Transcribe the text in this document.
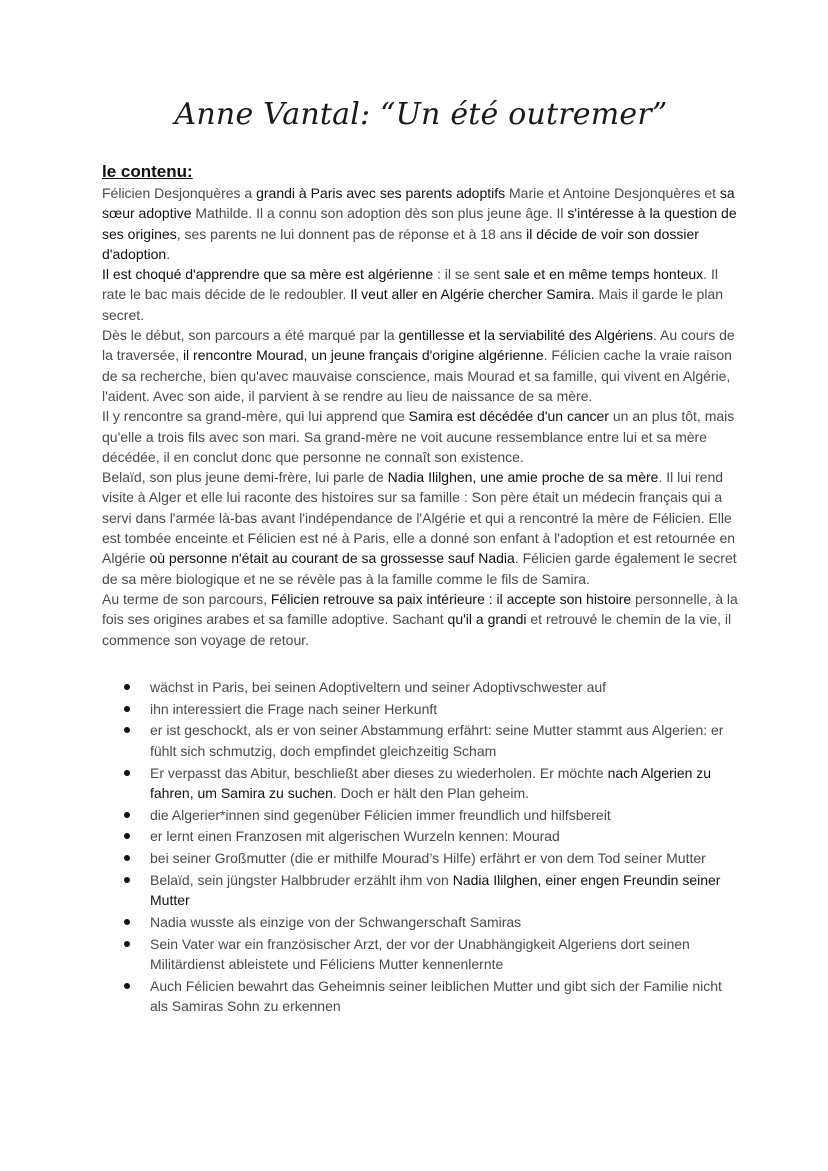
Anne Vantal: “Un été outremer”
le contenu:

Félicien Desjonquères a grandi à Paris avec ses parents adoptifs Marie et Antoine Desjonquères et sa sœur adoptive Mathilde. Il a connu son adoption dès son plus jeune âge. Il s'intéresse à la question de ses origines, ses parents ne lui donnent pas de réponse et à 18 ans il décide de voir son dossier d'adoption.

Il est choqué d'apprendre que sa mère est algérienne : il se sent sale et en même temps honteux. Il rate le bac mais décide de le redoubler. Il veut aller en Algérie chercher Samira. Mais il garde le plan secret.

Dès le début, son parcours a été marqué par la gentillesse et la serviabilité des Algériens. Au cours de la traversée, il rencontre Mourad, un jeune français d'origine algérienne. Félicien cache la vraie raison de sa recherche, bien qu'avec mauvaise conscience, mais Mourad et sa famille, qui vivent en Algérie, l'aident. Avec son aide, il parvient à se rendre au lieu de naissance de sa mère.

Il y rencontre sa grand-mère, qui lui apprend que Samira est décédée d'un cancer un an plus tôt, mais qu'elle a trois fils avec son mari. Sa grand-mère ne voit aucune ressemblance entre lui et sa mère décédée, il en conclut donc que personne ne connaît son existence.

Belaïd, son plus jeune demi-frère, lui parle de Nadia Ililghen, une amie proche de sa mère. Il lui rend visite à Alger et elle lui raconte des histoires sur sa famille : Son père était un médecin français qui a servi dans l'armée là-bas avant l'indépendance de l'Algérie et qui a rencontré la mère de Félicien. Elle est tombée enceinte et Félicien est né à Paris, elle a donné son enfant à l'adoption et est retournée en Algérie où personne n'était au courant de sa grossesse sauf Nadia. Félicien garde également le secret de sa mère biologique et ne se révèle pas à la famille comme le fils de Samira.

Au terme de son parcours, Félicien retrouve sa paix intérieure : il accepte son histoire personnelle, à la fois ses origines arabes et sa famille adoptive. Sachant qu'il a grandi et retrouvé le chemin de la vie, il commence son voyage de retour.

wächst in Paris, bei seinen Adoptiveltern und seiner Adoptivschwester auf
ihn interessiert die Frage nach seiner Herkunft
er ist geschockt, als er von seiner Abstammung erfährt: seine Mutter stammt aus Algerien: er fühlt sich schmutzig, doch empfindet gleichzeitig Scham
Er verpasst das Abitur, beschließt aber dieses zu wiederholen. Er möchte nach Algerien zu fahren, um Samira zu suchen. Doch er hält den Plan geheim.
die Algerier*innen sind gegenüber Félicien immer freundlich und hilfsbereit
er lernt einen Franzosen mit algerischen Wurzeln kennen: Mourad
bei seiner Großmutter (die er mithilfe Mourad’s Hilfe) erfährt er von dem Tod seiner Mutter
Belaïd, sein jüngster Halbbruder erzählt ihm von Nadia Ililghen, einer engen Freundin seiner Mutter
Nadia wusste als einzige von der Schwangerschaft Samiras
Sein Vater war ein französischer Arzt, der vor der Unabhängigkeit Algeriens dort seinen Militärdienst ableistete und Féliciens Mutter kennenlernte
Auch Félicien bewahrt das Geheimnis seiner leiblichen Mutter und gibt sich der Familie nicht als Samiras Sohn zu erkennen
